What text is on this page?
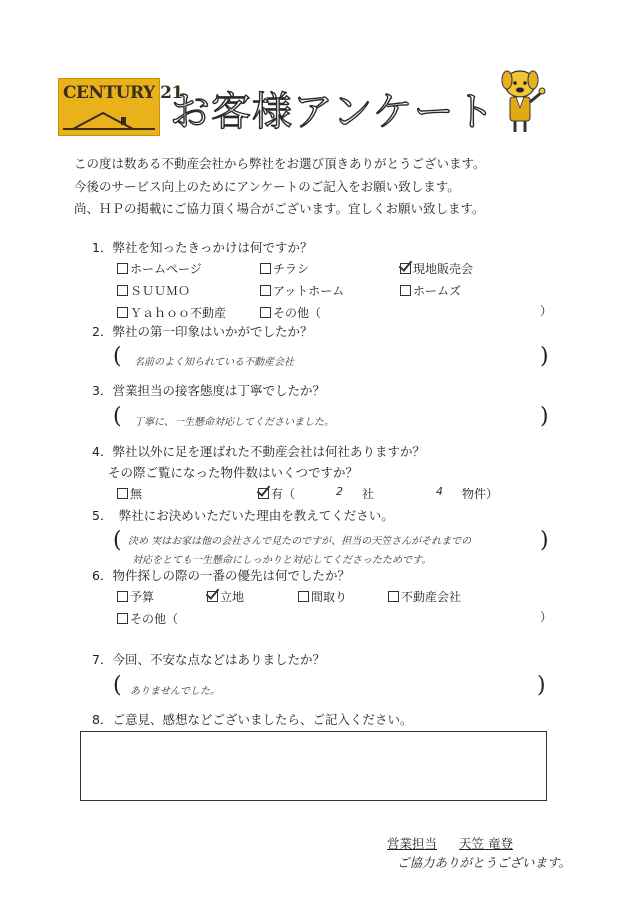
CENTURY 21
お客様アンケート
この度は数ある不動産会社から弊社をお選び頂きありがとうございます。
今後のサービス向上のためにアンケートのご記入をお願い致します。
尚、ＨＰの掲載にご協力頂く場合がございます。宜しくお願い致します。
1．弊社を知ったきっかけは何ですか？
ホームページ	チラシ	現地販売会
ＳＵＵＭＯ	アットホーム	ホームズ
Ｙａｈｏｏ不動産	その他（	）
2．弊社の第一印象はいかがでしたか？
( 名前のよく知られている不動産会社	)
3．営業担当の接客態度は丁寧でしたか？
( 丁寧に、一生懸命対応してくださいました。	)
4．弊社以外に足を運ばれた不動産会社は何社ありますか？
その際ご覧になった物件数はいくつですか？
無	有（	2 社	4 物件）
5．　弊社にお決めいただいた理由を教えてください。
( 決め 実はお家は他の会社さんで見たのですが、担当の天笠さんがそれまでの
対応をとても一生懸命にしっかりと対応してくださったためです。
)
6．物件探しの際の一番の優先は何でしたか？
予算	立地	間取り	不動産会社
その他（	）
7．今回、不安な点などはありましたか？
( ありませんでした。	)
8．ご意見、感想などございましたら、ご記入ください。
営業担当 天笠 竜登
ご協力ありがとうございます。
